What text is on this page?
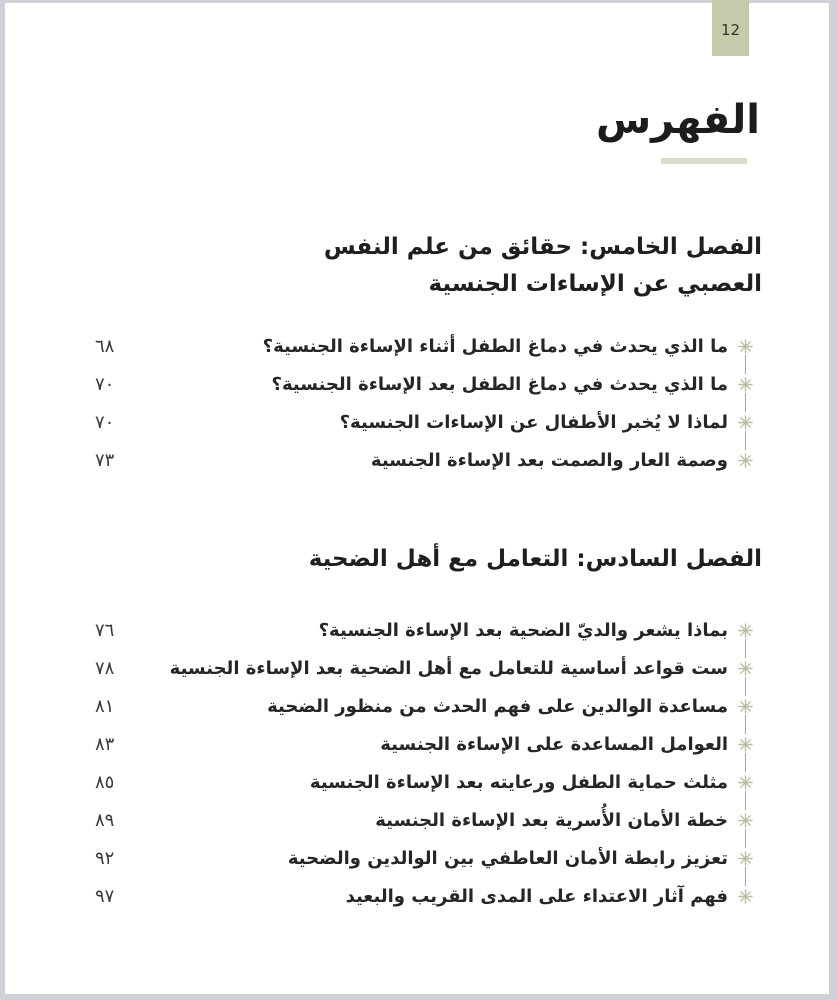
12
الفهرس
الفصل الخامس: حقائق من علم النفس
العصبي عن الإساءات الجنسية
ما الذي يحدث في دماغ الطفل أثناء الإساءة الجنسية؟
٦٨
ما الذي يحدث في دماغ الطفل بعد الإساءة الجنسية؟
٧٠
لماذا لا يُخبر الأطفال عن الإساءات الجنسية؟
٧٠
وصمة العار والصمت بعد الإساءة الجنسية
٧٣
الفصل السادس: التعامل مع أهل الضحية
بماذا يشعر والديّ الضحية بعد الإساءة الجنسية؟
٧٦
ست قواعد أساسية للتعامل مع أهل الضحية بعد الإساءة الجنسية
٧٨
مساعدة الوالدين على فهم الحدث من منظور الضحية
٨١
العوامل المساعدة على الإساءة الجنسية
٨٣
مثلث حماية الطفل ورعايته بعد الإساءة الجنسية
٨٥
خطة الأمان الأُسرية بعد الإساءة الجنسية
٨٩
تعزيز رابطة الأمان العاطفي بين الوالدين والضحية
٩٢
فهم آثار الاعتداء على المدى القريب والبعيد
٩٧
